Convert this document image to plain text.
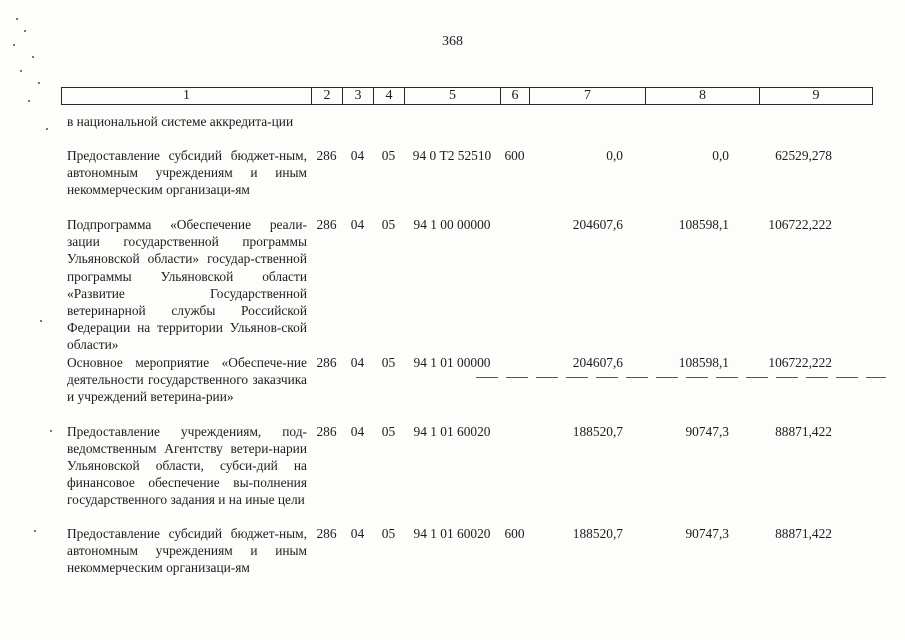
368
1	2	3	4	5	6	7	8	9
в национальной системе аккредита-ции								
Предоставление субсидий бюджет-ным, автономным учреждениям и иным некоммерческим организаци-ям	286	04	05	94 0 Т2 52510	600	0,0	0,0	62529,278
Подпрограмма «Обеспечение реали-зации государственной программы Ульяновской области» государ-ственной программы Ульяновской области «Развитие Государственной ветеринарной службы Российской Федерации на территории Ульянов-ской области»	286	04	05	94 1 00 00000		204607,6	108598,1	106722,222
Основное мероприятие «Обеспече-ние деятельности государственного заказчика и учреждений ветерина-рии»	286	04	05	94 1 01 00000		204607,6	108598,1	106722,222
Предоставление учреждениям, под-ведомственным Агентству ветери-нарии Ульяновской области, субси-дий на финансовое обеспечение вы-полнения государственного задания и на иные цели	286	04	05	94 1 01 60020		188520,7	90747,3	88871,422
Предоставление субсидий бюджет-ным, автономным учреждениям и иным некоммерческим организаци-ям	286	04	05	94 1 01 60020	600	188520,7	90747,3	88871,422
